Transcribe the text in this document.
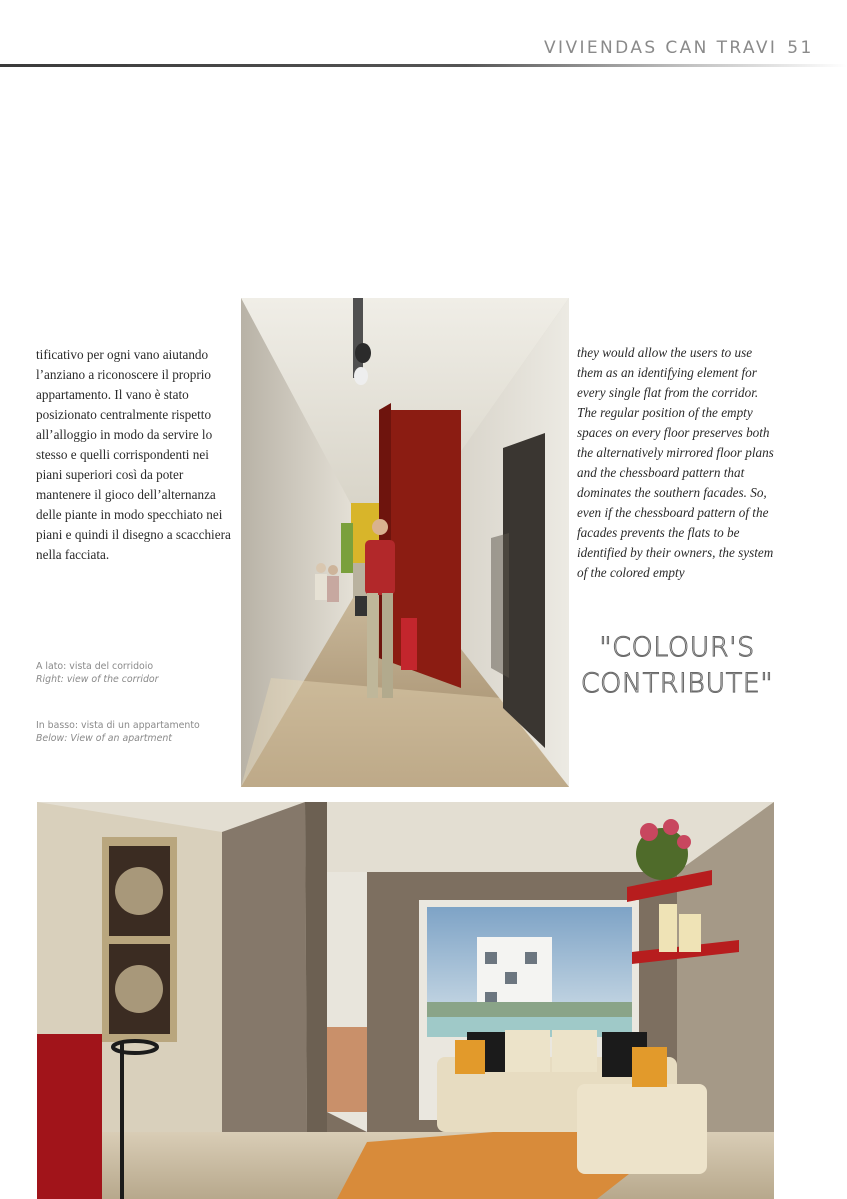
VIVIENDAS CAN TRAVI 51
tificativo per ogni vano aiutando l’anziano a riconoscere il proprio appartamento. Il vano è stato posizionato centralmente rispetto all’alloggio in modo da servire lo stesso e quelli corrispondenti nei piani superiori così da poter mantenere il gioco dell’alternanza delle piante in modo specchiato nei piani e quindi il disegno a scacchiera nella facciata.
A lato: vista del corridoio
Right: view of the corridor
In basso: vista di un appartamento
Below: View of an apartment
they would allow the users to use them as an identifying element for every single flat from the corridor. The regular position of the empty spaces on every floor preserves both the alternatively mirrored floor plans and the chessboard pattern that dominates the southern facades. So, even if the chessboard pattern of the facades prevents the flats to be identified by their owners, the system of the colored empty
"COLOUR'S
CONTRIBUTE"
